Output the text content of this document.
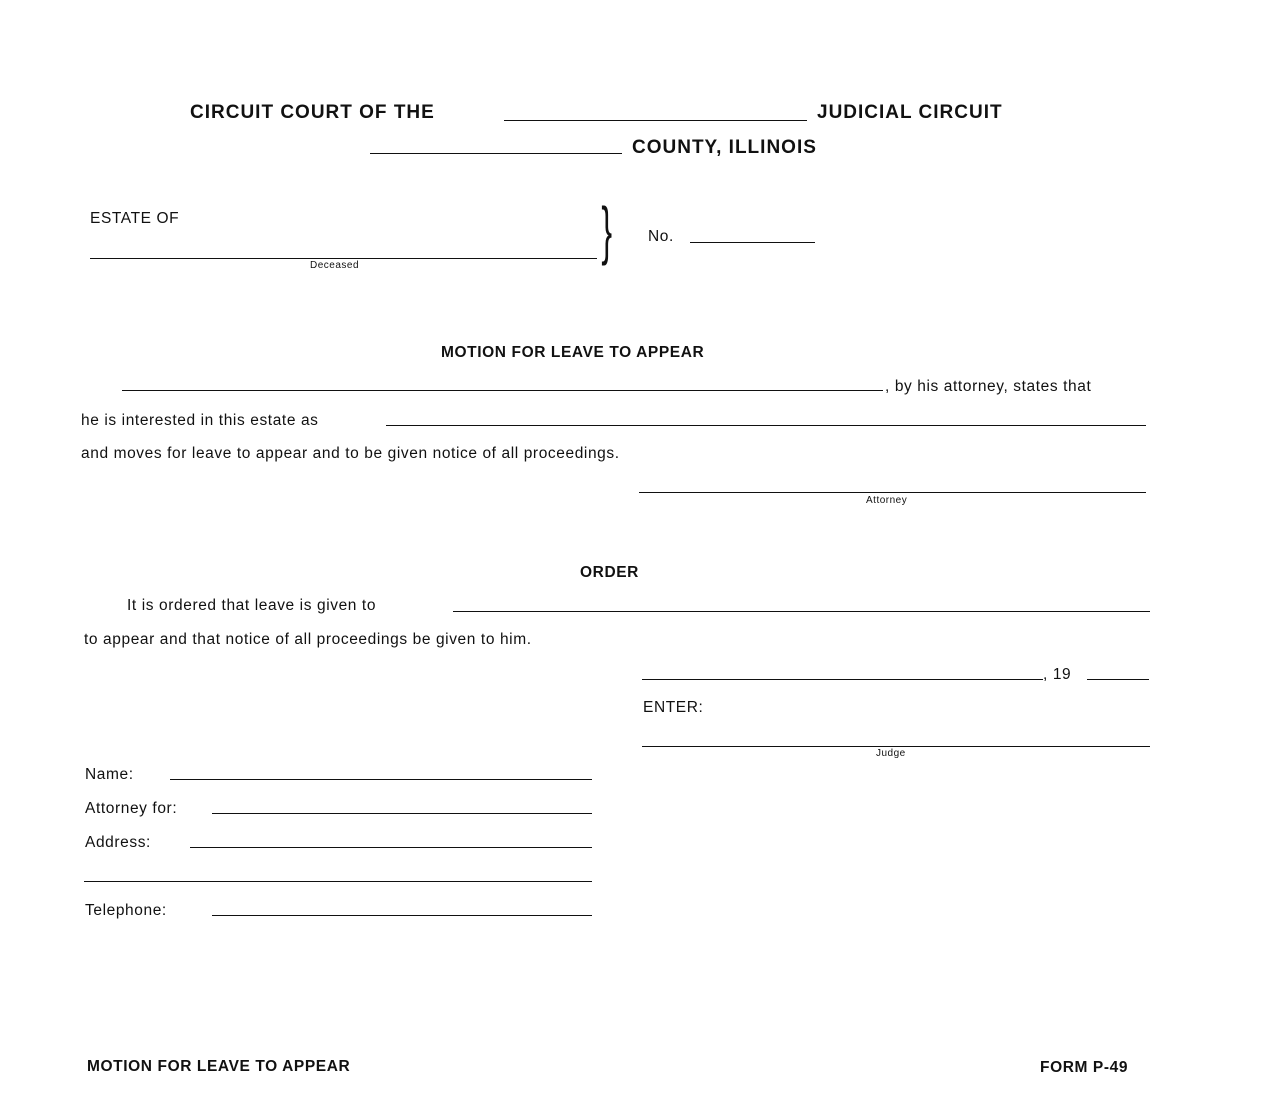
CIRCUIT COURT OF THE	JUDICIAL CIRCUIT
COUNTY, ILLINOIS
ESTATE OF
Deceased	} No.
MOTION FOR LEAVE TO APPEAR
, by his attorney, states that
he is interested in this estate as
and moves for leave to appear and to be given notice of all proceedings.
Attorney
ORDER
It is ordered that leave is given to
to appear and that notice of all proceedings be given to him.
, 19
ENTER:
Judge
Name:
Attorney for:
Address:
Telephone:
MOTION FOR LEAVE TO APPEAR	FORM P-49
